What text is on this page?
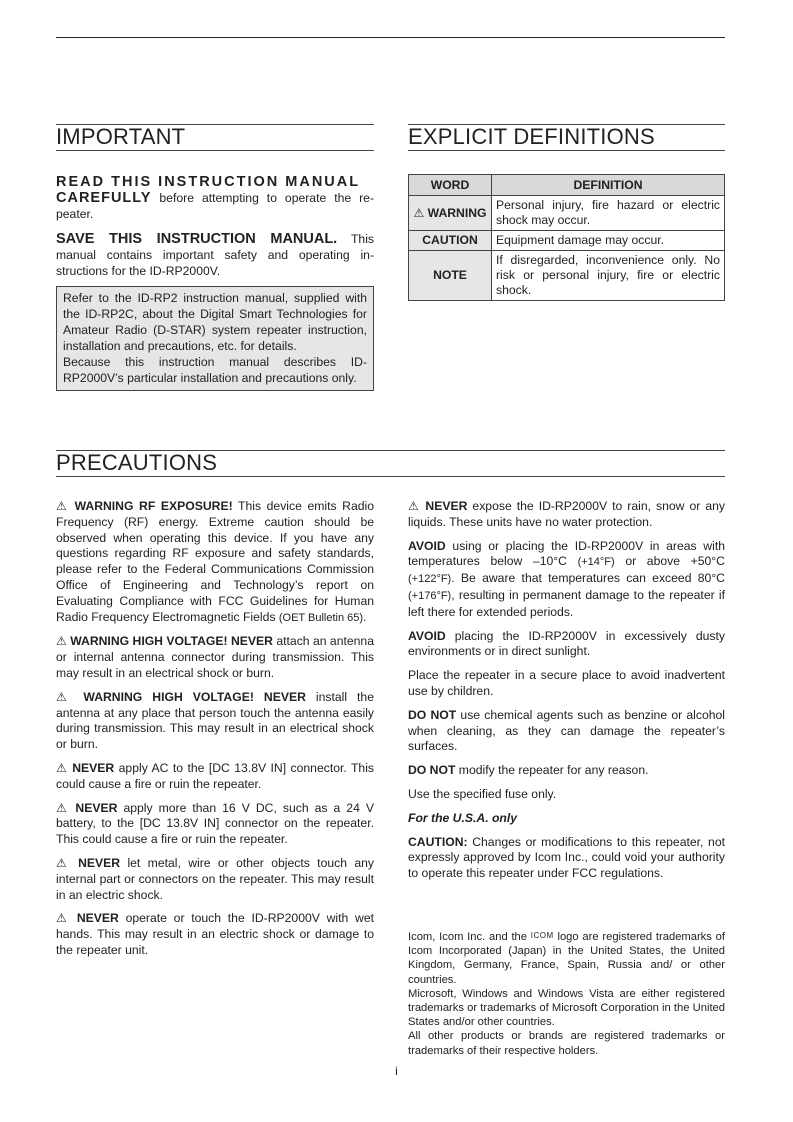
IMPORTANT

READ THIS INSTRUCTION MANUAL
CAREFULLY before attempting to operate the repeater.

SAVE THIS INSTRUCTION MANUAL. This manual contains important safety and operating instructions for the ID-RP2000V.

Refer to the ID-RP2 instruction manual, supplied with the ID-RP2C, about the Digital Smart Technologies for Amateur Radio (D-STAR) system repeater instruction, installation and precautions, etc. for details.

Because this instruction manual describes ID-RP2000V’s particular installation and precautions only.

EXPLICIT DEFINITIONS
WORD	DEFINITION
⚠ WARNING	Personal injury, fire hazard or electric shock may occur.
CAUTION	Equipment damage may occur.
NOTE	If disregarded, inconvenience only. No risk or personal injury, fire or electric shock.
PRECAUTIONS

⚠ WARNING RF EXPOSURE! This device emits Radio Frequency (RF) energy. Extreme caution should be observed when operating this device. If you have any questions regarding RF exposure and safety standards, please refer to the Federal Communications Commission Office of Engineering and Technology’s report on Evaluating Compliance with FCC Guidelines for Human Radio Frequency Electromagnetic Fields (OET Bulletin 65).

⚠ WARNING HIGH VOLTAGE! NEVER attach an antenna or internal antenna connector during transmission. This may result in an electrical shock or burn.

⚠ WARNING HIGH VOLTAGE! NEVER install the antenna at any place that person touch the antenna easily during transmission. This may result in an electrical shock or burn.

⚠ NEVER apply AC to the [DC 13.8V IN] connector. This could cause a fire or ruin the repeater.

⚠ NEVER apply more than 16 V DC, such as a 24 V battery, to the [DC 13.8V IN] connector on the repeater. This could cause a fire or ruin the repeater.

⚠ NEVER let metal, wire or other objects touch any internal part or connectors on the repeater. This may result in an electric shock.

⚠ NEVER operate or touch the ID-RP2000V with wet hands. This may result in an electric shock or damage to the repeater unit.

⚠ NEVER expose the ID-RP2000V to rain, snow or any liquids. These units have no water protection.

AVOID using or placing the ID-RP2000V in areas with temperatures below –10°C (+14°F) or above +50°C (+122°F). Be aware that temperatures can exceed 80°C (+176°F), resulting in permanent damage to the repeater if left there for extended periods.

AVOID placing the ID-RP2000V in excessively dusty environments or in direct sunlight.

Place the repeater in a secure place to avoid inadvertent use by children.

DO NOT use chemical agents such as benzine or alcohol when cleaning, as they can damage the repeater’s surfaces.

DO NOT modify the repeater for any reason.

Use the specified fuse only.

For the U.S.A. only

CAUTION: Changes or modifications to this repeater, not expressly approved by Icom Inc., could void your authority to operate this repeater under FCC regulations.

Icom, Icom Inc. and the ICOM logo are registered trademarks of Icom Incorporated (Japan) in the United States, the United Kingdom, Germany, France, Spain, Russia and/ or other countries.

Microsoft, Windows and Windows Vista are either registered trademarks or trademarks of Microsoft Corporation in the United States and/or other countries.

All other products or brands are registered trademarks or trademarks of their respective holders.

i
